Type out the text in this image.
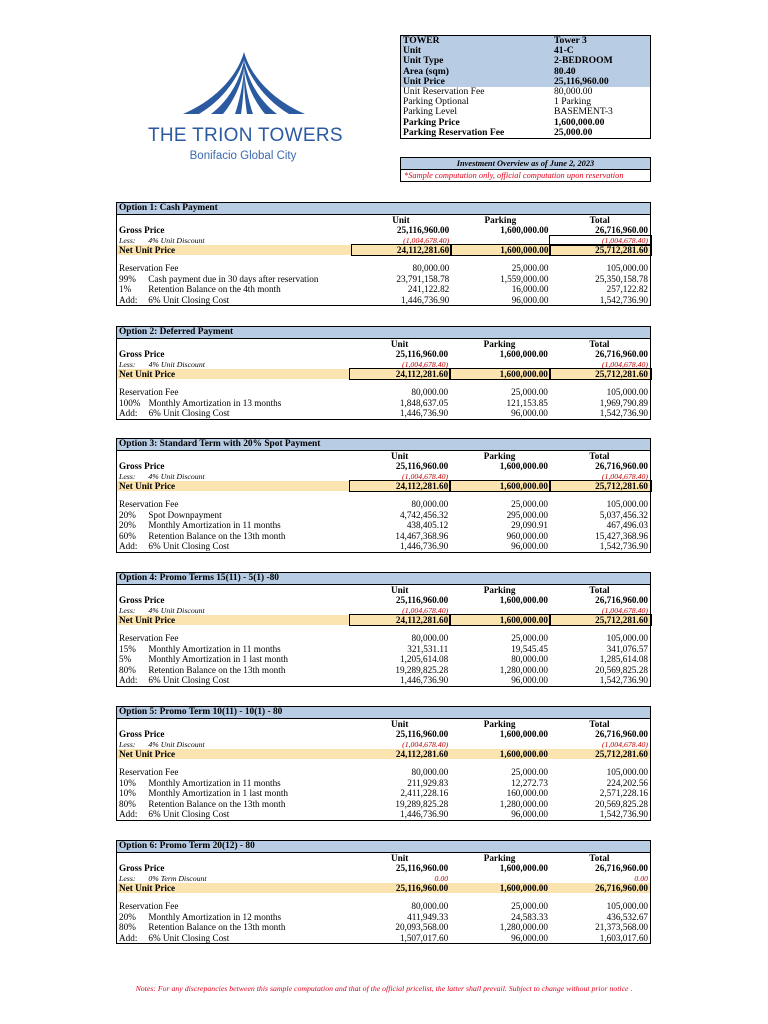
THE TRION TOWERS
Bonifacio Global City
TOWER	Tower 3
Unit	41-C
Unit Type	2-BEDROOM
Area (sqm)	80.40
Unit Price	25,116,960.00
Unit Reservation Fee	80,000.00
Parking Optional	1 Parking
Parking Level	BASEMENT-3
Parking Price	1,600,000.00
Parking Reservation Fee	25,000.00
Investment Overview as of June 2, 2023
*Sample computation only, official computation upon reservation
Option 1: Cash Payment				
		Unit	Parking	Total
Gross Price		25,116,960.00	1,600,000.00	26,716,960.00
Less:	4% Unit Discount	(1,004,678.40)		(1,004,678.40)
Net Unit Price		24,112,281.60	1,600,000.00	25,712,281.60

Reservation Fee		80,000.00	25,000.00	105,000.00
99%	Cash payment due in 30 days after reservation	23,791,158.78	1,559,000.00	25,350,158.78
1%	Retention Balance on the 4th month	241,122.82	16,000.00	257,122.82
Add:	6% Unit Closing Cost	1,446,736.90	96,000.00	1,542,736.90
Option 2: Deferred Payment				
		Unit	Parking	Total
Gross Price		25,116,960.00	1,600,000.00	26,716,960.00
Less:	4% Unit Discount	(1,004,678.40)		(1,004,678.40)
Net Unit Price		24,112,281.60	1,600,000.00	25,712,281.60

Reservation Fee		80,000.00	25,000.00	105,000.00
100%	Monthly Amortization in 13 months	1,848,637.05	121,153.85	1,969,790.89
Add:	6% Unit Closing Cost	1,446,736.90	96,000.00	1,542,736.90
Option 3: Standard Term with 20% Spot Payment				
		Unit	Parking	Total
Gross Price		25,116,960.00	1,600,000.00	26,716,960.00
Less:	4% Unit Discount	(1,004,678.40)		(1,004,678.40)
Net Unit Price		24,112,281.60	1,600,000.00	25,712,281.60

Reservation Fee		80,000.00	25,000.00	105,000.00
20%	Spot Downpayment	4,742,456.32	295,000.00	5,037,456.32
20%	Monthly Amortization in 11 months	438,405.12	29,090.91	467,496.03
60%	Retention Balance on the 13th month	14,467,368.96	960,000.00	15,427,368.96
Add:	6% Unit Closing Cost	1,446,736.90	96,000.00	1,542,736.90
Option 4: Promo Terms 15(11) - 5(1) -80				
		Unit	Parking	Total
Gross Price		25,116,960.00	1,600,000.00	26,716,960.00
Less:	4% Unit Discount	(1,004,678.40)		(1,004,678.40)
Net Unit Price		24,112,281.60	1,600,000.00	25,712,281.60

Reservation Fee		80,000.00	25,000.00	105,000.00
15%	Monthly Amortization in 11 months	321,531.11	19,545.45	341,076.57
5%	Monthly Amortization in 1 last month	1,205,614.08	80,000.00	1,285,614.08
80%	Retention Balance on the 13th month	19,289,825.28	1,280,000.00	20,569,825.28
Add:	6% Unit Closing Cost	1,446,736.90	96,000.00	1,542,736.90
Option 5: Promo Term 10(11) - 10(1) - 80				
		Unit	Parking	Total
Gross Price		25,116,960.00	1,600,000.00	26,716,960.00
Less:	4% Unit Discount	(1,004,678.40)		(1,004,678.40)
Net Unit Price		24,112,281.60	1,600,000.00	25,712,281.60

Reservation Fee		80,000.00	25,000.00	105,000.00
10%	Monthly Amortization in 11 months	211,929.83	12,272.73	224,202.56
10%	Monthly Amortization in 1 last month	2,411,228.16	160,000.00	2,571,228.16
80%	Retention Balance on the 13th month	19,289,825.28	1,280,000.00	20,569,825.28
Add:	6% Unit Closing Cost	1,446,736.90	96,000.00	1,542,736.90
Option 6: Promo Term 20(12) - 80				
		Unit	Parking	Total
Gross Price		25,116,960.00	1,600,000.00	26,716,960.00
Less:	0% Term Discount	0.00		0.00
Net Unit Price		25,116,960.00	1,600,000.00	26,716,960.00

Reservation Fee		80,000.00	25,000.00	105,000.00
20%	Monthly Amortization in 12 months	411,949.33	24,583.33	436,532.67
80%	Retention Balance on the 13th month	20,093,568.00	1,280,000.00	21,373,568.00
Add:	6% Unit Closing Cost	1,507,017.60	96,000.00	1,603,017.60
Notes: For any discrepancies between this sample computation and that of the official pricelist, the latter shall prevail. Subject to change without prior notice .
